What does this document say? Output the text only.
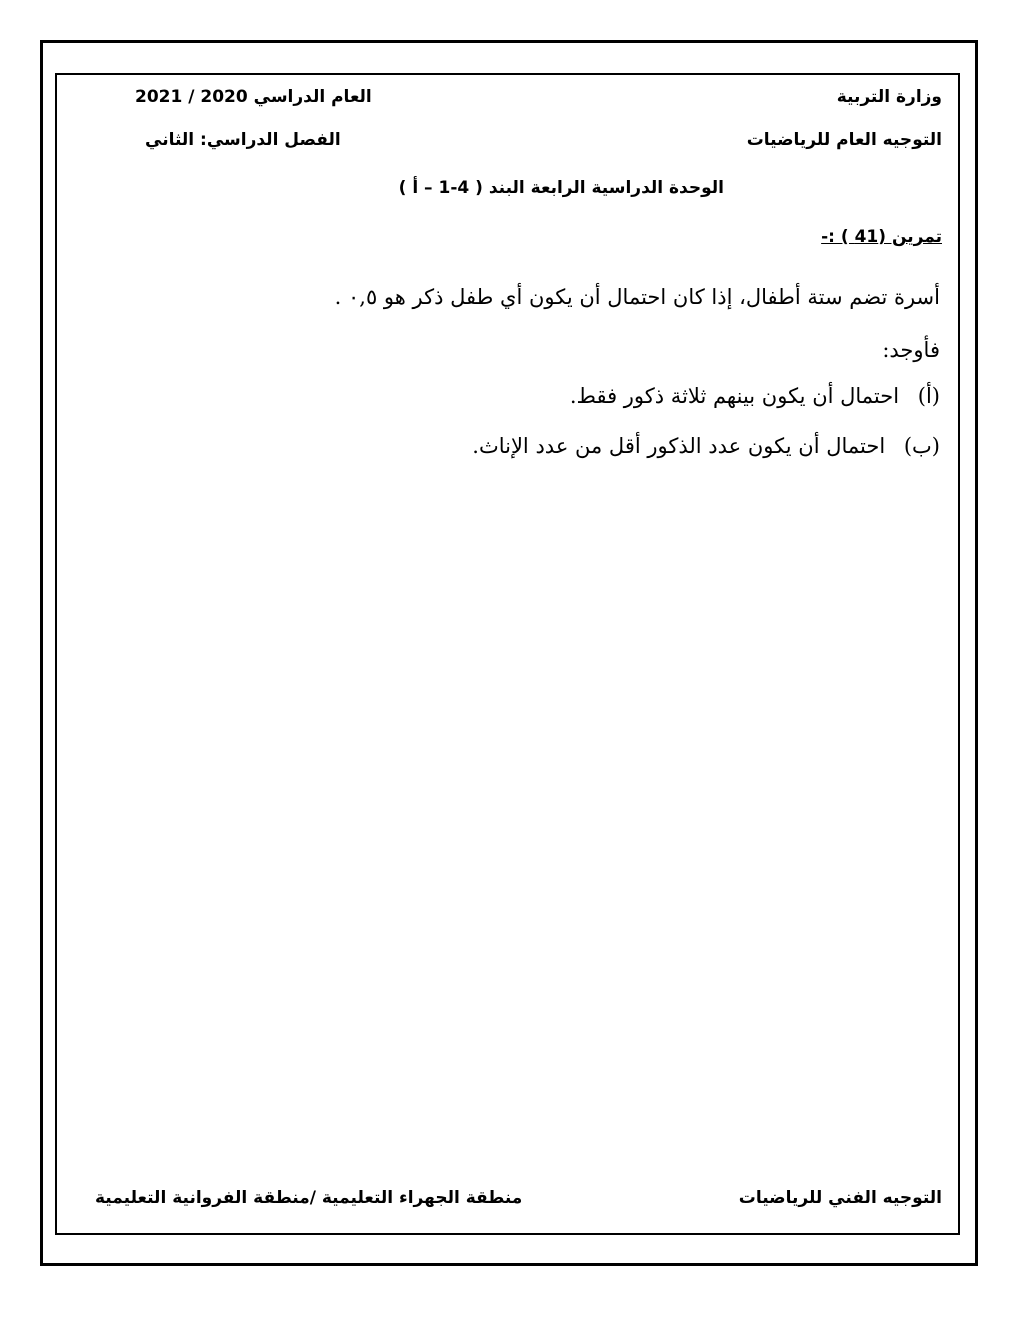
وزارة التربية
العام الدراسي 2020 / 2021
التوجيه العام للرياضيات
الفصل الدراسي: الثاني
الوحدة الدراسية الرابعة البند ( 4-1 – أ )
تمرين (41 ) :-
أسرة تضم ستة أطفال، إذا كان احتمال أن يكون أي طفل ذكر هو ٠,٥ .
فأوجد:
(أ) احتمال أن يكون بينهم ثلاثة ذكور فقط.
(ب) احتمال أن يكون عدد الذكور أقل من عدد الإناث.
التوجيه الفني للرياضيات
منطقة الجهراء التعليمية /منطقة الفروانية التعليمية
